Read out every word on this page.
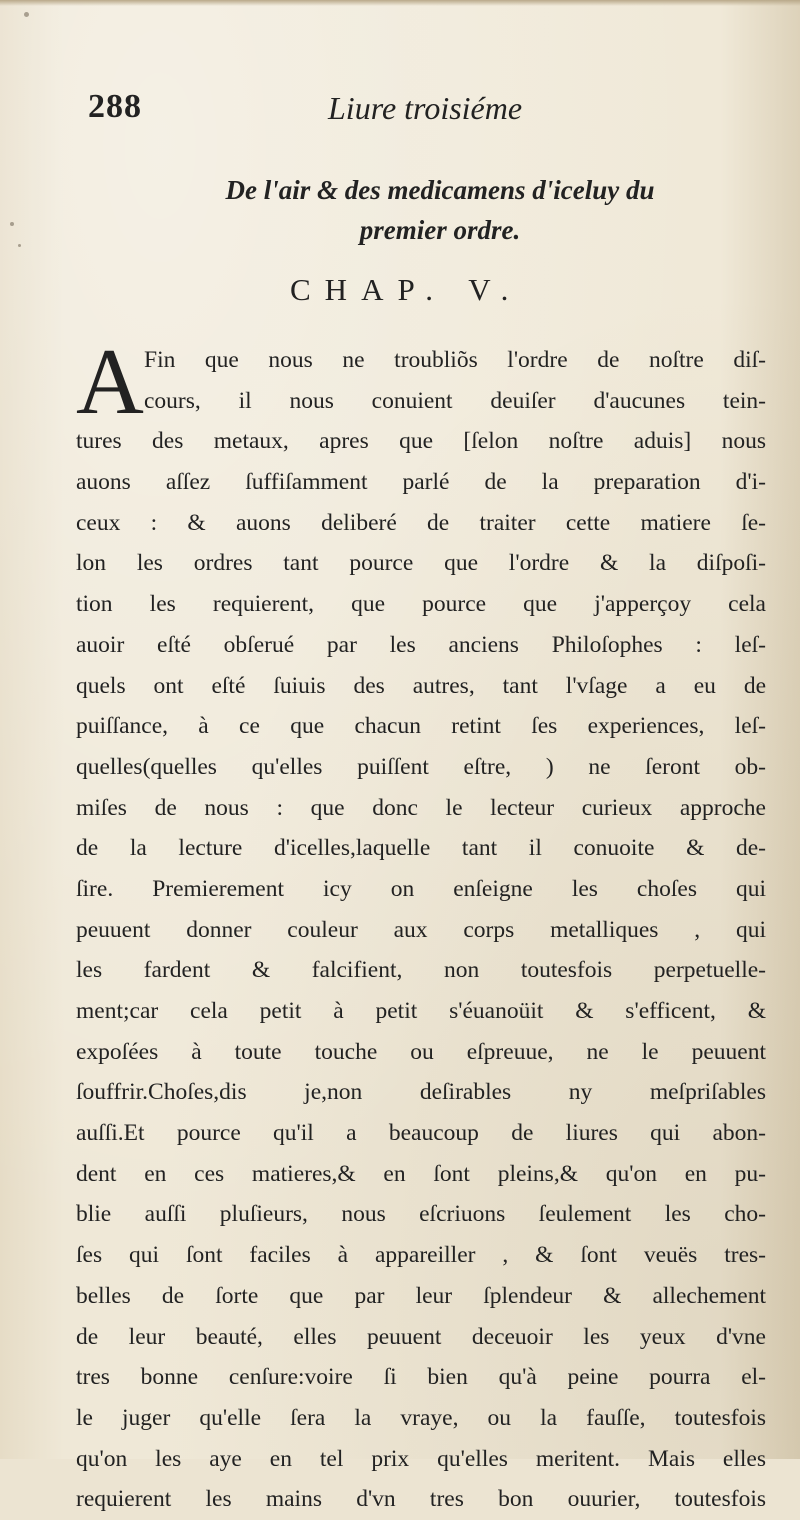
288	Liure troisiéme
De l'air & des medicamens d'iceluy du
premier ordre.
CHAP. V.
A Fin que nous ne troubliõs l'ordre de noſtre diſ-
cours, il nous conuient deuiſer d'aucunes tein-
tures des metaux, apres que [ſelon noſtre aduis] nous
auons aſſez ſuffiſamment parlé de la preparation d'i-
ceux : & auons deliberé de traiter cette matiere ſe-
lon les ordres tant pource que l'ordre & la diſpoſi-
tion les requierent, que pource que j'apperçoy cela
auoir eſté obſerué par les anciens Philoſophes : leſ-
quels ont eſté ſuiuis des autres, tant l'vſage a eu de
puiſſance, à ce que chacun retint ſes experiences, leſ-
quelles(quelles qu'elles puiſſent eſtre, ) ne ſeront ob-
miſes de nous : que donc le lecteur curieux approche
de la lecture d'icelles,laquelle tant il conuoite & de-
ſire. Premierement icy on enſeigne les choſes qui
peuuent donner couleur aux corps metalliques , qui
les fardent & falcifient, non toutesfois perpetuelle-
ment;car cela petit à petit s'éuanoüit & s'efficent, &
expoſées à toute touche ou eſpreuue, ne le peuuent
ſouffrir.Choſes,dis je,non deſirables ny meſpriſables
auſſi.Et pource qu'il a beaucoup de liures qui abon-
dent en ces matieres,& en ſont pleins,& qu'on en pu-
blie auſſi pluſieurs, nous eſcriuons ſeulement les cho-
ſes qui ſont faciles à appareiller , & ſont veuës tres-
belles de ſorte que par leur ſplendeur & allechement
de leur beauté, elles peuuent deceuoir les yeux d'vne
tres bonne cenſure:voire ſi bien qu'à peine pourra el-
le juger qu'elle ſera la vraye, ou la fauſſe, toutesfois
qu'on les aye en tel prix qu'elles meritent. Mais elles
requierent les mains d'vn tres bon ouurier, toutesfois
